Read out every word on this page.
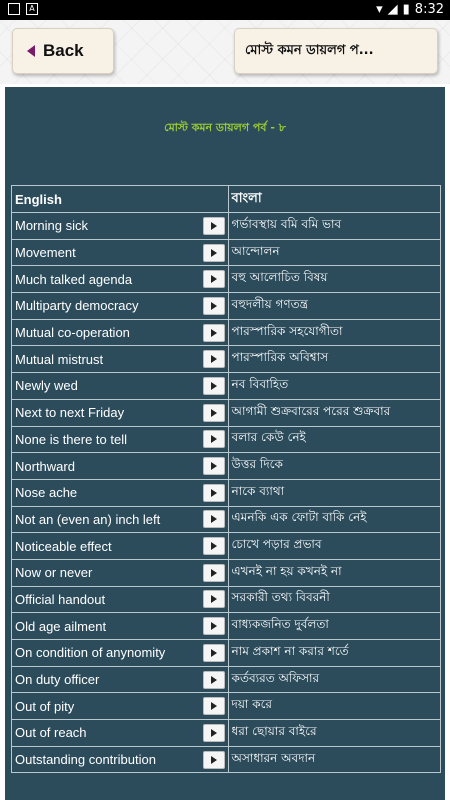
A	▾ ◢ ▮ 8:32
Back	মোস্ট কমন ডায়লগ প...
মোস্ট কমন ডায়লগ পর্ব - ৮
English	বাংলা

Morning sick	গর্ভাবস্থায় বমি বমি ভাব

Movement	আন্দোলন

Much talked agenda	বহু আলোচিত বিষয়

Multiparty democracy	বহুদলীয় গণতন্ত্র

Mutual co-operation	পারস্পারিক সহযোগীতা

Mutual mistrust	পারস্পারিক অবিশ্বাস

Newly wed	নব বিবাহিত

Next to next Friday	আগামী শুক্রবারের পরের শুক্রবার

None is there to tell	বলার কেউ নেই

Northward	উত্তর দিকে

Nose ache	নাকে ব্যাথা

Not an (even an) inch left	এমনকি এক ফোটা বাকি নেই

Noticeable effect	চোখে পড়ার প্রভাব

Now or never	এখনই না হয় কখনই না

Official handout	সরকারী তথ্য বিবরনী

Old age ailment	বাধ্যকজনিত দুর্বলতা

On condition of anynomity	নাম প্রকাশ না করার শর্তে

On duty officer	কর্তব্যরত অফিসার

Out of pity	দয়া করে

Out of reach	ধরা ছোয়ার বাইরে

Outstanding contribution	অসাধারন অবদান
